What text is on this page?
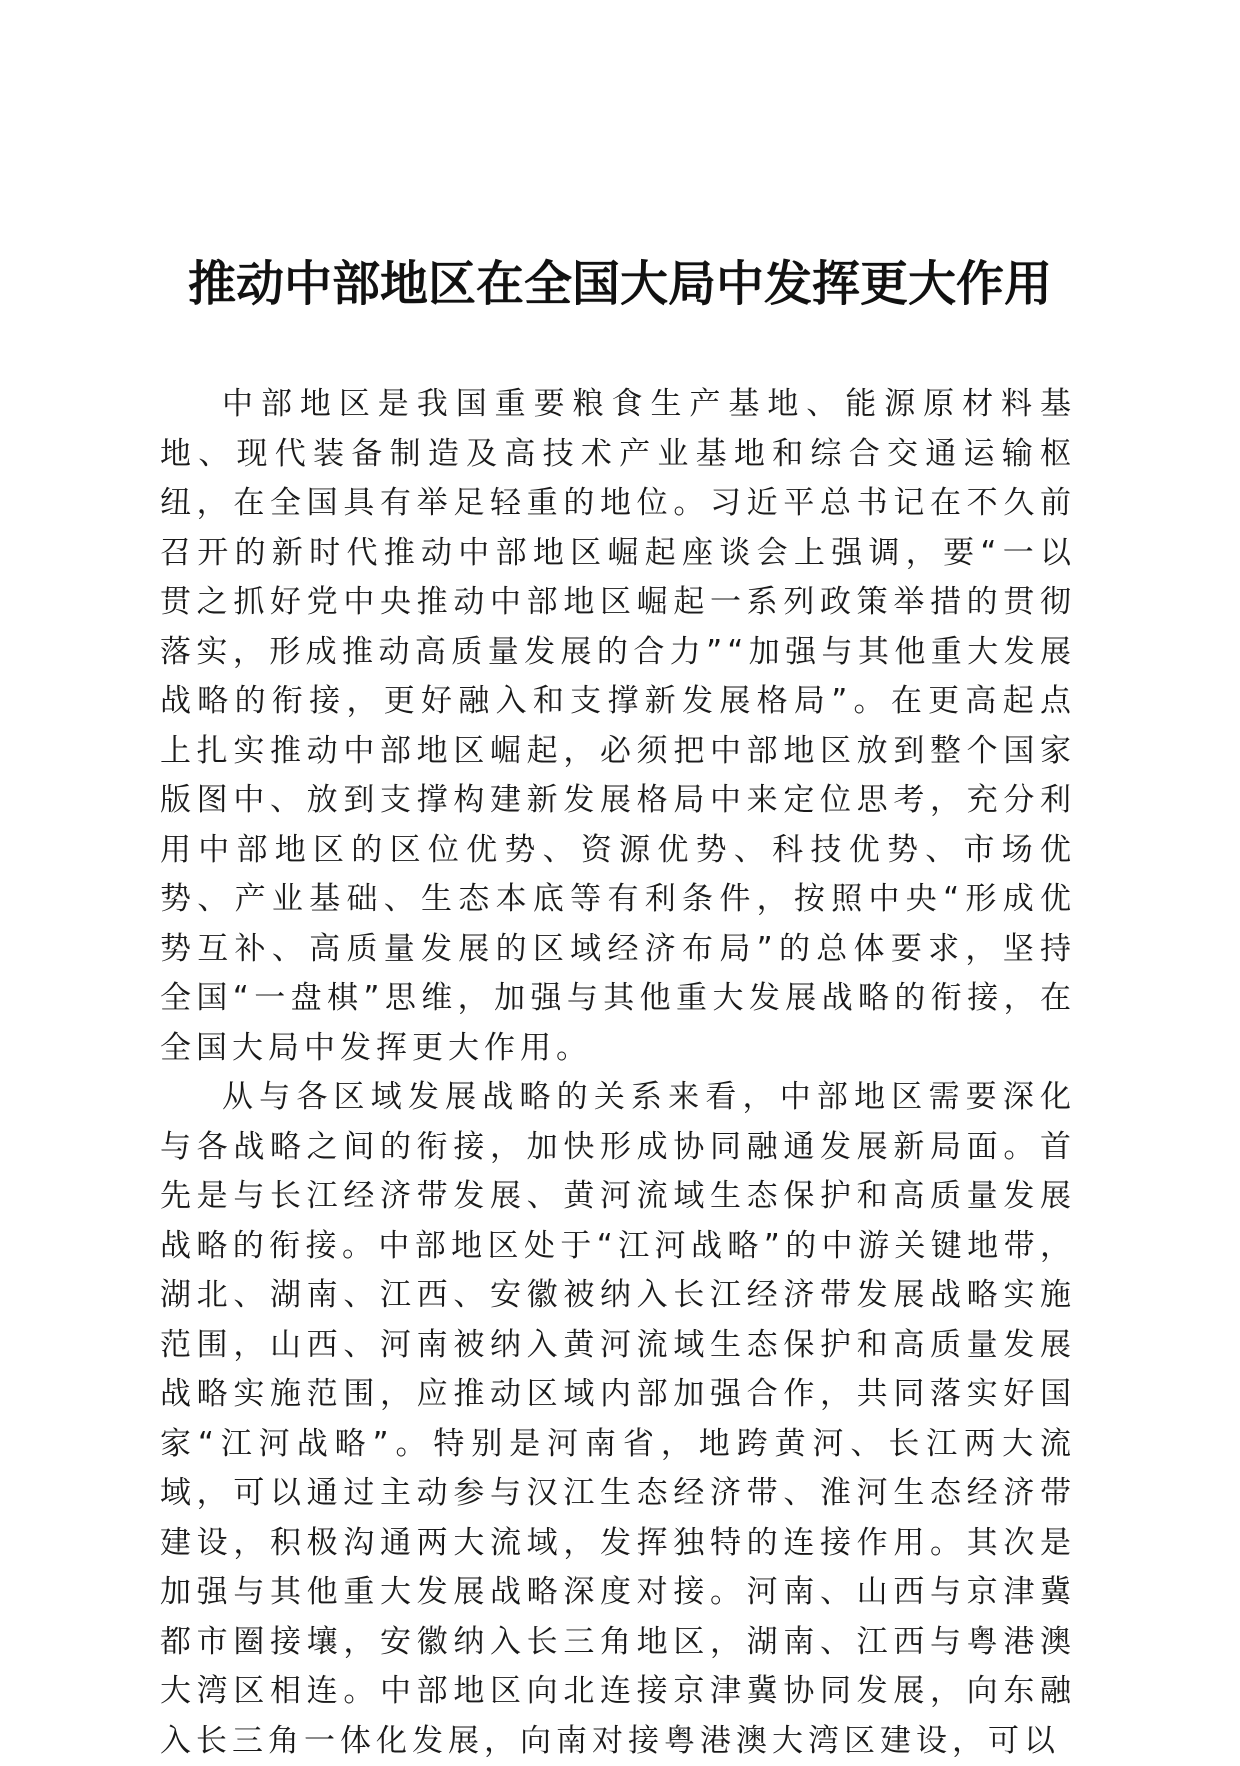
推动中部地区在全国大局中发挥更大作用

中部地区是我国重要粮食生产基地、能源原材料基地、现代装备制造及高技术产业基地和综合交通运输枢纽，在全国具有举足轻重的地位。习近平总书记在不久前召开的新时代推动中部地区崛起座谈会上强调，要“一以贯之抓好党中央推动中部地区崛起一系列政策举措的贯彻落实，形成推动高质量发展的合力”“加强与其他重大发展战略的衔接，更好融入和支撑新发展格局”。在更高起点上扎实推动中部地区崛起，必须把中部地区放到整个国家版图中、放到支撑构建新发展格局中来定位思考，充分利用中部地区的区位优势、资源优势、科技优势、市场优势、产业基础、生态本底等有利条件，按照中央“形成优势互补、高质量发展的区域经济布局”的总体要求，坚持全国“一盘棋”思维，加强与其他重大发展战略的衔接，在全国大局中发挥更大作用。

从与各区域发展战略的关系来看，中部地区需要深化与各战略之间的衔接，加快形成协同融通发展新局面。首先是与长江经济带发展、黄河流域生态保护和高质量发展战略的衔接。中部地区处于“江河战略”的中游关键地带，湖北、湖南、江西、安徽被纳入长江经济带发展战略实施范围，山西、河南被纳入黄河流域生态保护和高质量发展战略实施范围，应推动区域内部加强合作，共同落实好国家“江河战略”。特别是河南省，地跨黄河、长江两大流域，可以通过主动参与汉江生态经济带、淮河生态经济带建设，积极沟通两大流域，发挥独特的连接作用。其次是加强与其他重大发展战略深度对接。河南、山西与京津冀都市圈接壤，安徽纳入长三角地区，湖南、江西与粤港澳大湾区相连。中部地区向北连接京津冀协同发展，向东融入长三角一体化发展，向南对接粤港澳大湾区建设，可以
